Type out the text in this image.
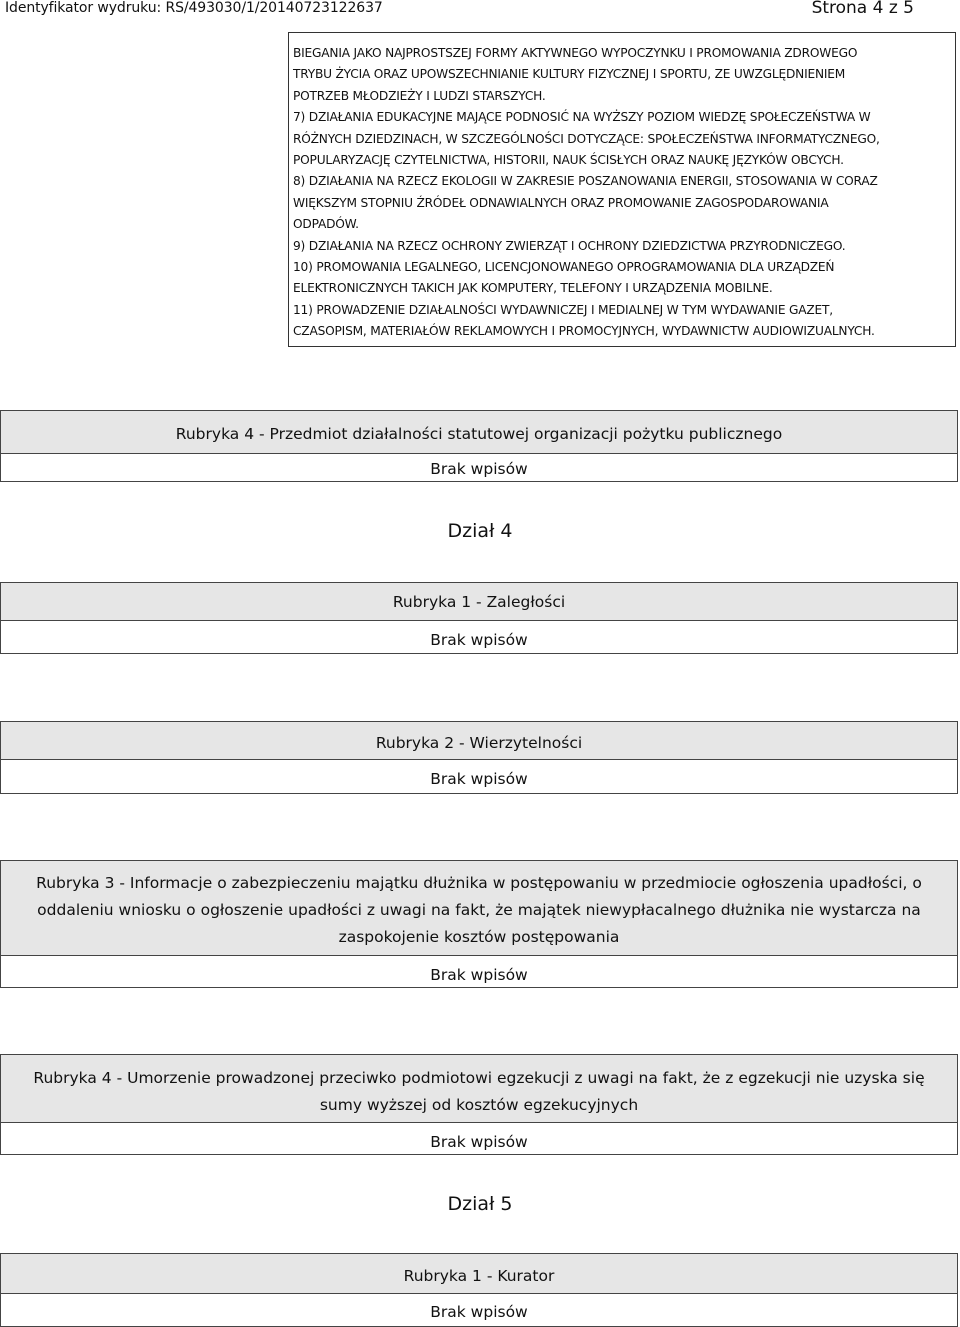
Identyfikator wydruku: RS/493030/1/20140723122637	Strona 4 z 5

BIEGANIA JAKO NAJPROSTSZEJ FORMY AKTYWNEGO WYPOCZYNKU I PROMOWANIA ZDROWEGO

TRYBU ŻYCIA ORAZ UPOWSZECHNIANIE KULTURY FIZYCZNEJ I SPORTU, ZE UWZGLĘDNIENIEM

POTRZEB MŁODZIEŻY I LUDZI STARSZYCH.

7) DZIAŁANIA EDUKACYJNE MAJĄCE PODNOSIĆ NA WYŻSZY POZIOM WIEDZĘ SPOŁECZEŃSTWA W

RÓŻNYCH DZIEDZINACH, W SZCZEGÓLNOŚCI DOTYCZĄCE: SPOŁECZEŃSTWA INFORMATYCZNEGO,

POPULARYZACJĘ CZYTELNICTWA, HISTORII, NAUK ŚCISŁYCH ORAZ NAUKĘ JĘZYKÓW OBCYCH.

8) DZIAŁANIA NA RZECZ EKOLOGII W ZAKRESIE POSZANOWANIA ENERGII, STOSOWANIA W CORAZ

WIĘKSZYM STOPNIU ŹRÓDEŁ ODNAWIALNYCH ORAZ PROMOWANIE ZAGOSPODAROWANIA

ODPADÓW.

9) DZIAŁANIA NA RZECZ OCHRONY ZWIERZĄT I OCHRONY DZIEDZICTWA PRZYRODNICZEGO.

10) PROMOWANIA LEGALNEGO, LICENCJONOWANEGO OPROGRAMOWANIA DLA URZĄDZEŃ

ELEKTRONICZNYCH TAKICH JAK KOMPUTERY, TELEFONY I URZĄDZENIA MOBILNE.

11) PROWADZENIE DZIAŁALNOŚCI WYDAWNICZEJ I MEDIALNEJ W TYM WYDAWANIE GAZET,

CZASOPISM, MATERIAŁÓW REKLAMOWYCH I PROMOCYJNYCH, WYDAWNICTW AUDIOWIZUALNYCH.

Rubryka 4 - Przedmiot działalności statutowej organizacji pożytku publicznego
Brak wpisów
Dział 4
Rubryka 1 - Zaległości
Brak wpisów
Rubryka 2 - Wierzytelności
Brak wpisów
Rubryka 3 - Informacje o zabezpieczeniu majątku dłużnika w postępowaniu w przedmiocie ogłoszenia upadłości, o
oddaleniu wniosku o ogłoszenie upadłości z uwagi na fakt, że majątek niewypłacalnego dłużnika nie wystarcza na
zaspokojenie kosztów postępowania
Brak wpisów
Rubryka 4 - Umorzenie prowadzonej przeciwko podmiotowi egzekucji z uwagi na fakt, że z egzekucji nie uzyska się
sumy wyższej od kosztów egzekucyjnych
Brak wpisów
Dział 5
Rubryka 1 - Kurator
Brak wpisów
